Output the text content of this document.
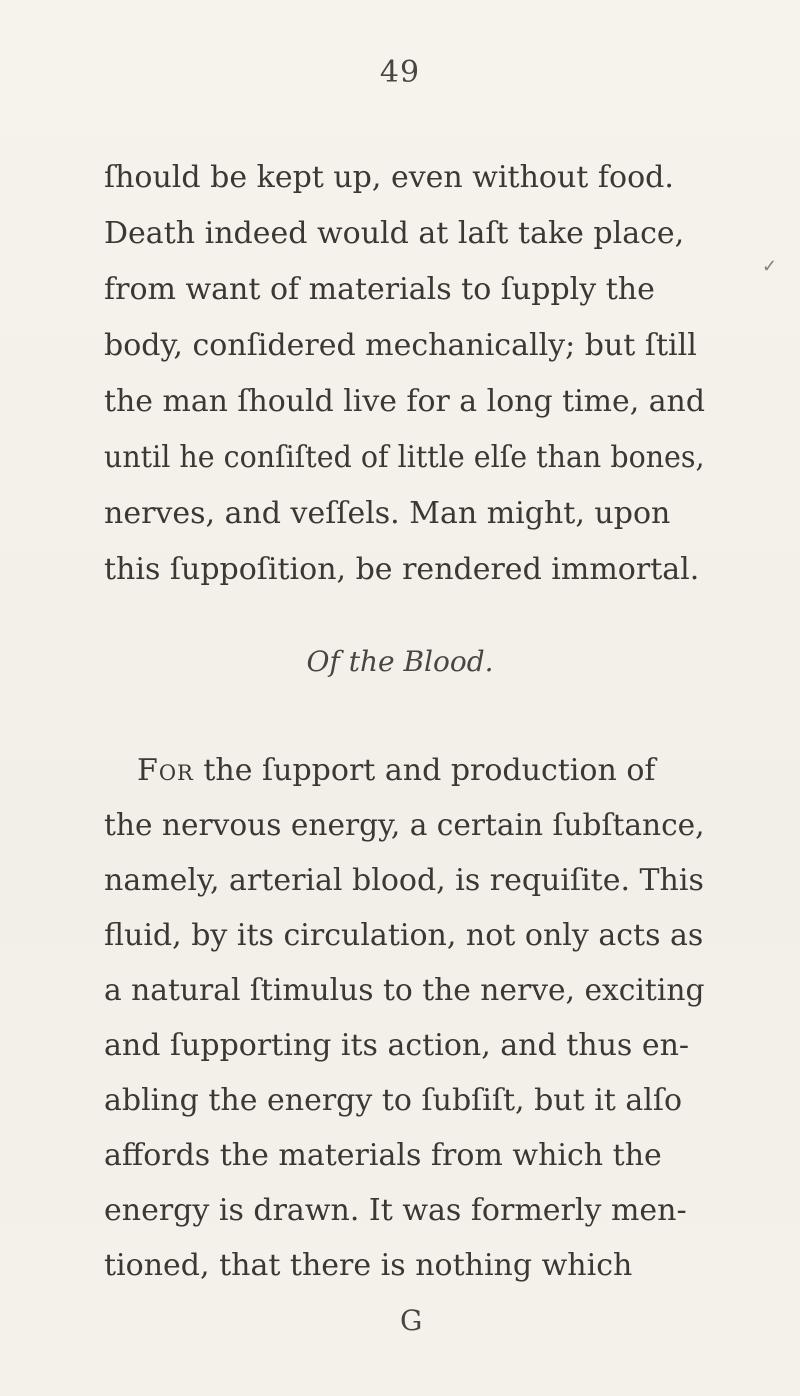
49
✓
ſhould be kept up, even without food.
Death indeed would at laſt take place,
from want of materials to ſupply the
body, conſidered mechanically; but ſtill
the man ſhould live for a long time, and
until he conſiſted of little elſe than bones,
nerves, and veſſels. Man might, upon
this ſuppoſition, be rendered immortal.
Of the Blood.
For the ſupport and production of
the nervous energy, a certain ſubſtance,
namely, arterial blood, is requiſite. This
fluid, by its circulation, not only acts as
a natural ſtimulus to the nerve, exciting
and ſupporting its action, and thus en-
abling the energy to ſubſiſt, but it alſo
affords the materials from which the
energy is drawn. It was formerly men-
tioned, that there is nothing which
G
